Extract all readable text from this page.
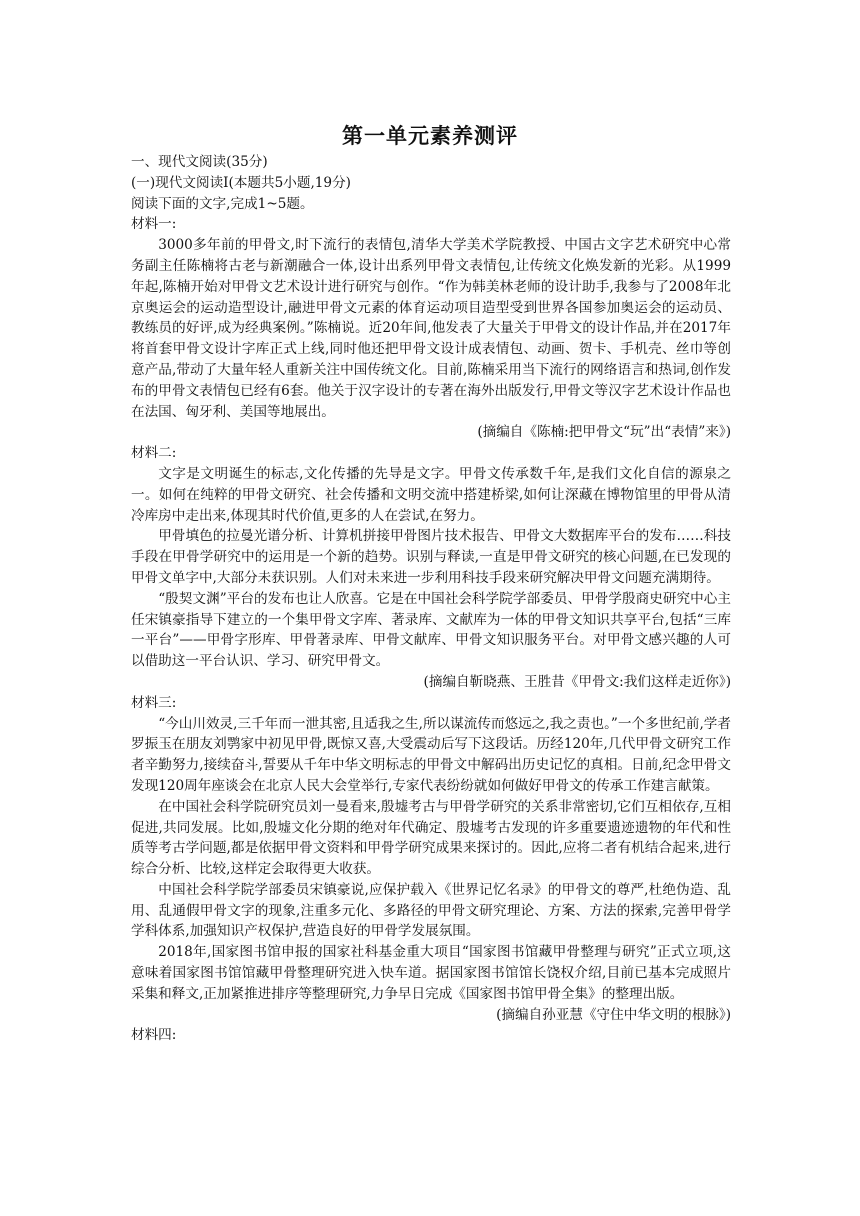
第一单元素养测评

一、现代文阅读(35分)

(一)现代文阅读Ⅰ(本题共5小题,19分)

阅读下面的文字,完成1~5题。

材料一:

3000多年前的甲骨文,时下流行的表情包,清华大学美术学院教授、中国古文字艺术研究中心常务副主任陈楠将古老与新潮融合一体,设计出系列甲骨文表情包,让传统文化焕发新的光彩。从1999年起,陈楠开始对甲骨文艺术设计进行研究与创作。“作为韩美林老师的设计助手,我参与了2008年北京奥运会的运动造型设计,融进甲骨文元素的体育运动项目造型受到世界各国参加奥运会的运动员、教练员的好评,成为经典案例。”陈楠说。近20年间,他发表了大量关于甲骨文的设计作品,并在2017年将首套甲骨文设计字库正式上线,同时他还把甲骨文设计成表情包、动画、贺卡、手机壳、丝巾等创意产品,带动了大量年轻人重新关注中国传统文化。目前,陈楠采用当下流行的网络语言和热词,创作发布的甲骨文表情包已经有6套。他关于汉字设计的专著在海外出版发行,甲骨文等汉字艺术设计作品也在法国、匈牙利、美国等地展出。

(摘编自《陈楠:把甲骨文“玩”出“表情”来》)

材料二:

文字是文明诞生的标志,文化传播的先导是文字。甲骨文传承数千年,是我们文化自信的源泉之一。如何在纯粹的甲骨文研究、社会传播和文明交流中搭建桥梁,如何让深藏在博物馆里的甲骨从清冷库房中走出来,体现其时代价值,更多的人在尝试,在努力。

甲骨填色的拉曼光谱分析、计算机拼接甲骨图片技术报告、甲骨文大数据库平台的发布……科技手段在甲骨学研究中的运用是一个新的趋势。识别与释读,一直是甲骨文研究的核心问题,在已发现的甲骨文单字中,大部分未获识别。人们对未来进一步利用科技手段来研究解决甲骨文问题充满期待。

“殷契文渊”平台的发布也让人欣喜。它是在中国社会科学院学部委员、甲骨学殷商史研究中心主任宋镇豪指导下建立的一个集甲骨文字库、著录库、文献库为一体的甲骨文知识共享平台,包括“三库一平台”——甲骨字形库、甲骨著录库、甲骨文献库、甲骨文知识服务平台。对甲骨文感兴趣的人可以借助这一平台认识、学习、研究甲骨文。

(摘编自靳晓燕、王胜昔《甲骨文:我们这样走近你》)

材料三:

“今山川效灵,三千年而一泄其密,且适我之生,所以谋流传而悠远之,我之责也。”一个多世纪前,学者罗振玉在朋友刘鹗家中初见甲骨,既惊又喜,大受震动后写下这段话。历经120年,几代甲骨文研究工作者辛勤努力,接续奋斗,誓要从千年中华文明标志的甲骨文中解码出历史记忆的真相。日前,纪念甲骨文发现120周年座谈会在北京人民大会堂举行,专家代表纷纷就如何做好甲骨文的传承工作建言献策。

在中国社会科学院研究员刘一曼看来,殷墟考古与甲骨学研究的关系非常密切,它们互相依存,互相促进,共同发展。比如,殷墟文化分期的绝对年代确定、殷墟考古发现的许多重要遗迹遗物的年代和性质等考古学问题,都是依据甲骨文资料和甲骨学研究成果来探讨的。因此,应将二者有机结合起来,进行综合分析、比较,这样定会取得更大收获。

中国社会科学院学部委员宋镇豪说,应保护载入《世界记忆名录》的甲骨文的尊严,杜绝伪造、乱用、乱通假甲骨文字的现象,注重多元化、多路径的甲骨文研究理论、方案、方法的探索,完善甲骨学学科体系,加强知识产权保护,营造良好的甲骨学发展氛围。

2018年,国家图书馆申报的国家社科基金重大项目“国家图书馆藏甲骨整理与研究”正式立项,这意味着国家图书馆馆藏甲骨整理研究进入快车道。据国家图书馆馆长饶权介绍,目前已基本完成照片采集和释文,正加紧推进排序等整理研究,力争早日完成《国家图书馆甲骨全集》的整理出版。

(摘编自孙亚慧《守住中华文明的根脉》)

材料四:
